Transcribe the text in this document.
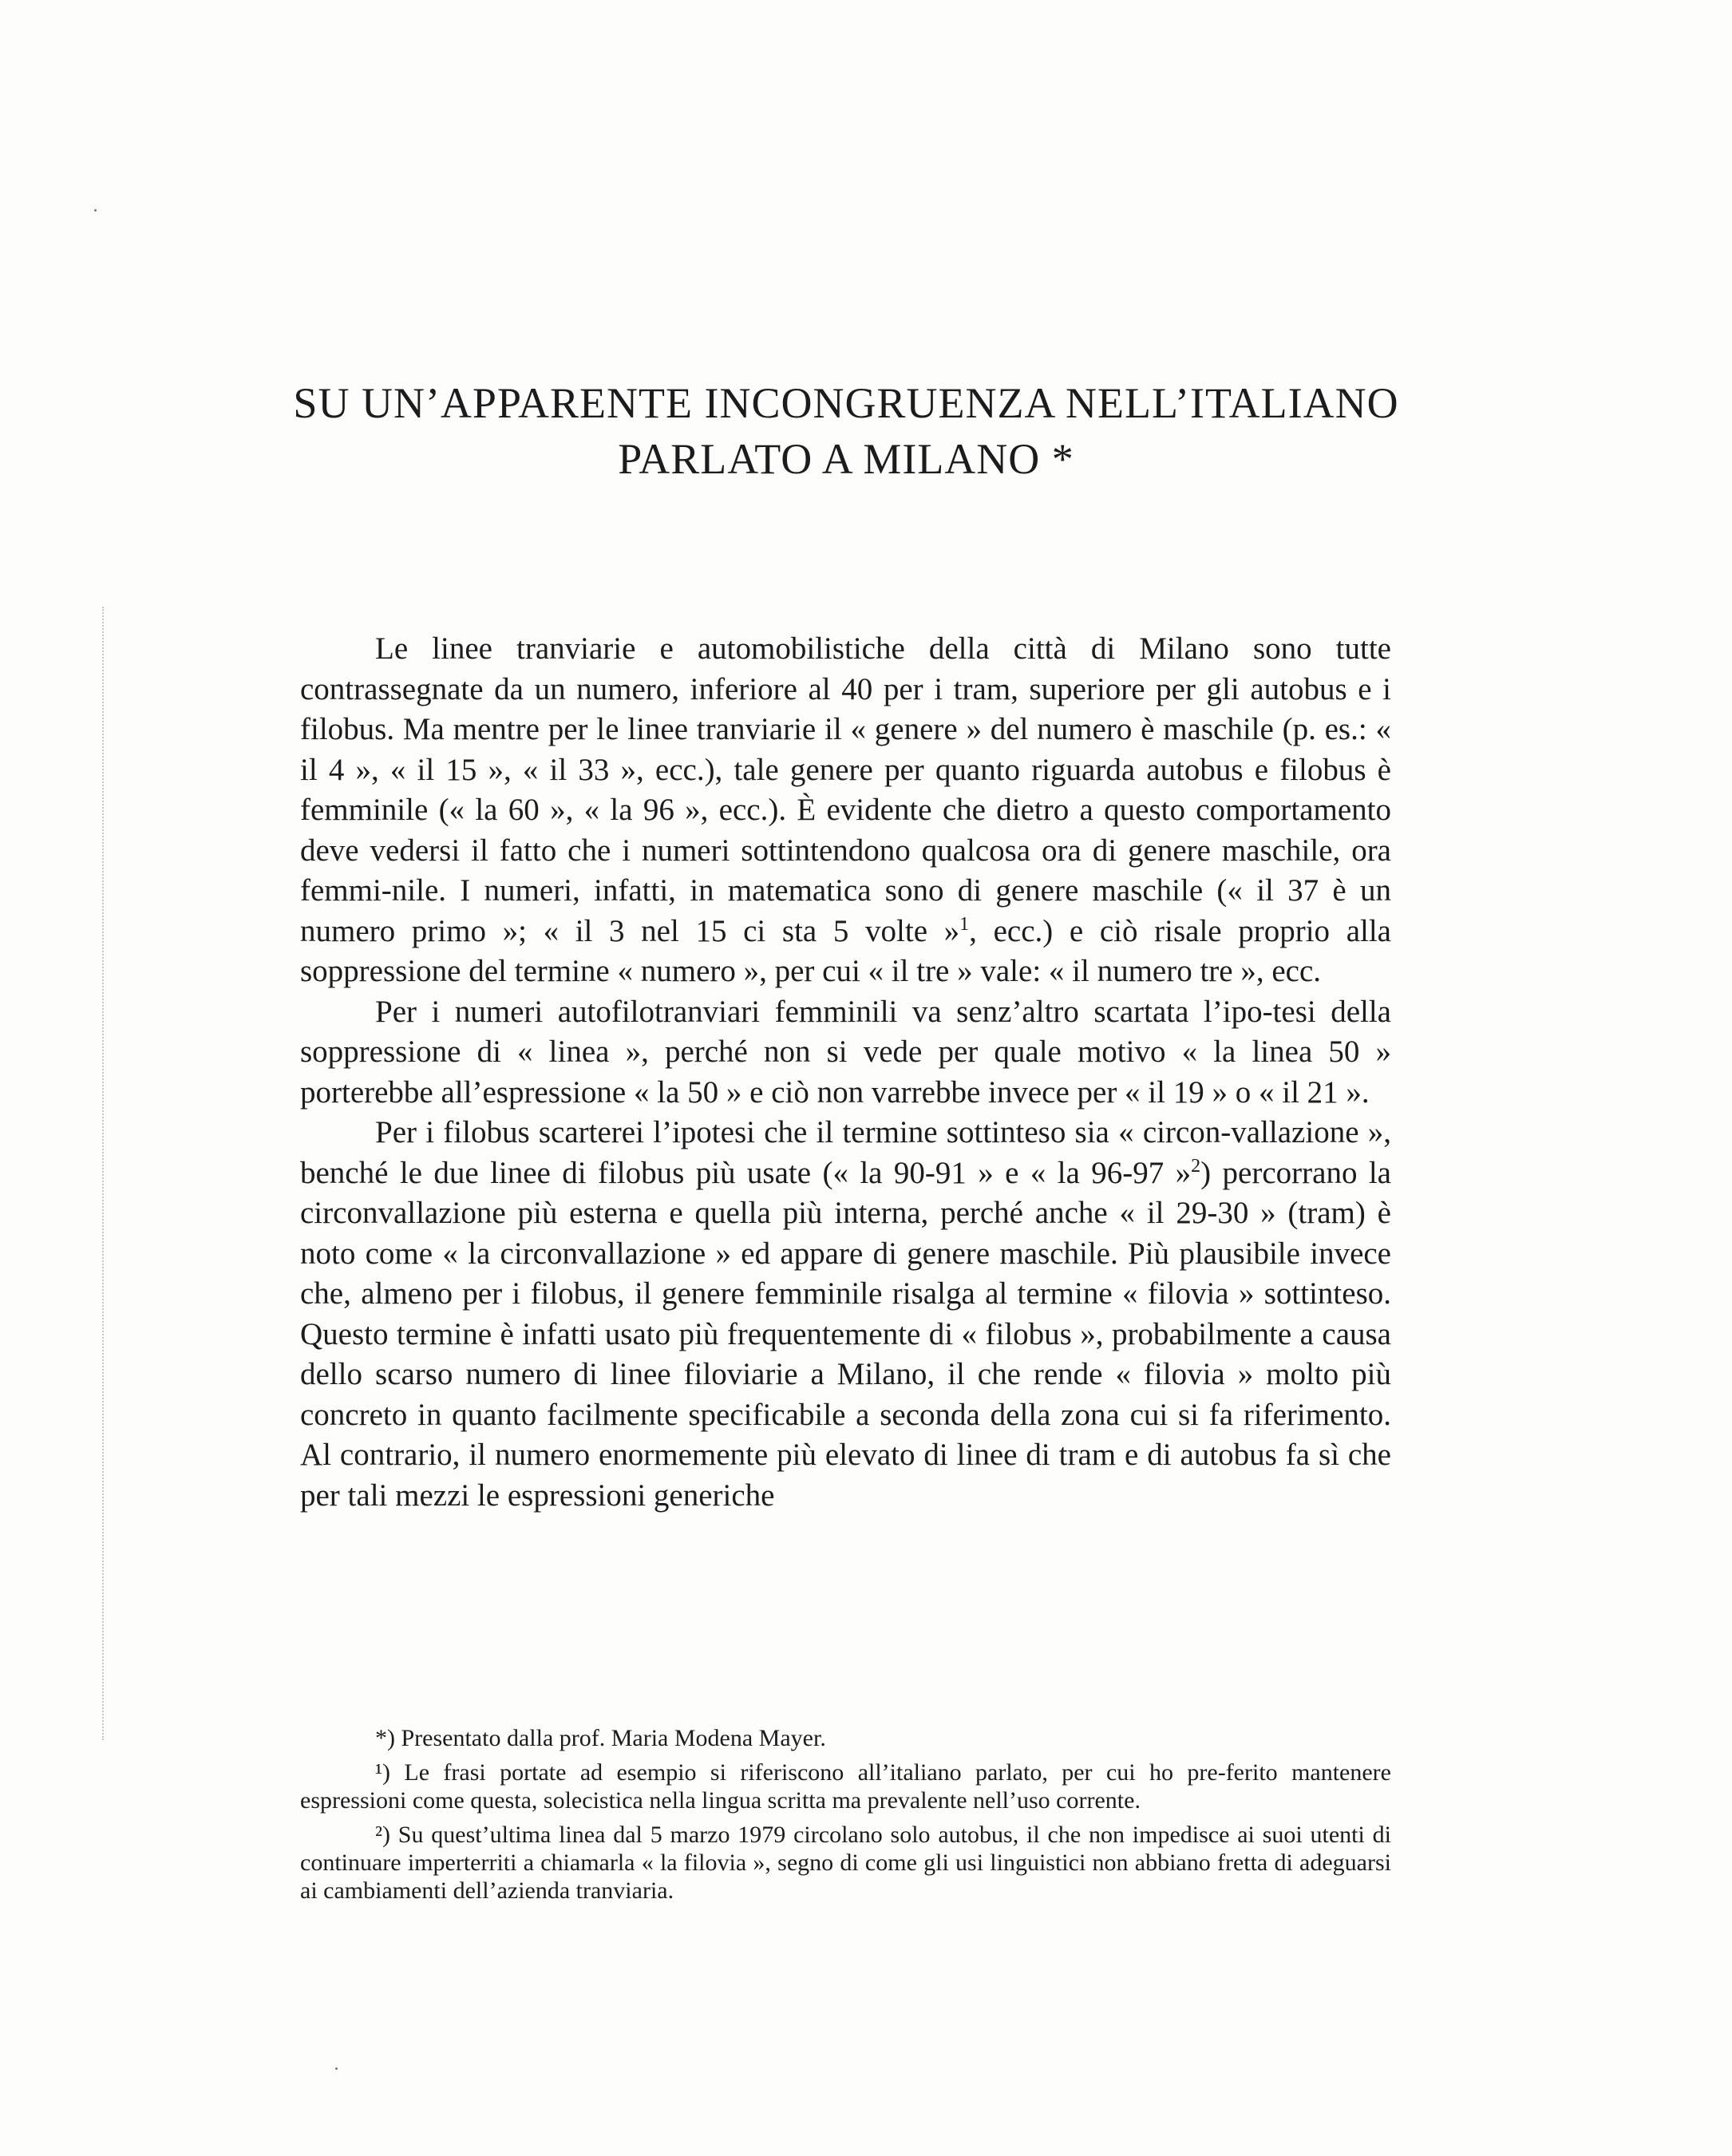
SU UN’APPARENTE INCONGRUENZA NELL’ITALIANO
PARLATO A MILANO *

Le linee tranviarie e automobilistiche della città di Milano sono tutte contrassegnate da un numero, inferiore al 40 per i tram, superiore per gli autobus e i filobus. Ma mentre per le linee tranviarie il « genere » del numero è maschile (p. es.: « il 4 », « il 15 », « il 33 », ecc.), tale genere per quanto riguarda autobus e filobus è femminile (« la 60 », « la 96 », ecc.). È evidente che dietro a questo comportamento deve vedersi il fatto che i numeri sottintendono qualcosa ora di genere maschile, ora femmi-nile. I numeri, infatti, in matematica sono di genere maschile (« il 37 è un numero primo »; « il 3 nel 15 ci sta 5 volte »$^1$, ecc.) e ciò risale proprio alla soppressione del termine « numero », per cui « il tre » vale: « il numero tre », ecc.

Per i numeri autofilotranviari femminili va senz’altro scartata l’ipo-tesi della soppressione di « linea », perché non si vede per quale motivo « la linea 50 » porterebbe all’espressione « la 50 » e ciò non varrebbe invece per « il 19 » o « il 21 ».

Per i filobus scarterei l’ipotesi che il termine sottinteso sia « circon-vallazione », benché le due linee di filobus più usate (« la 90-91 » e « la 96-97 »$^2$) percorrano la circonvallazione più esterna e quella più interna, perché anche « il 29-30 » (tram) è noto come « la circonvallazione » ed appare di genere maschile. Più plausibile invece che, almeno per i filobus, il genere femminile risalga al termine « filovia » sottinteso. Questo termine è infatti usato più frequentemente di « filobus », probabilmente a causa dello scarso numero di linee filoviarie a Milano, il che rende « filovia » molto più concreto in quanto facilmente specificabile a seconda della zona cui si fa riferimento. Al contrario, il numero enormemente più elevato di linee di tram e di autobus fa sì che per tali mezzi le espressioni generiche

*) Presentato dalla prof. Maria Modena Mayer.

¹) Le frasi portate ad esempio si riferiscono all’italiano parlato, per cui ho pre-ferito mantenere espressioni come questa, solecistica nella lingua scritta ma prevalente nell’uso corrente.

²) Su quest’ultima linea dal 5 marzo 1979 circolano solo autobus, il che non impedisce ai suoi utenti di continuare imperterriti a chiamarla « la filovia », segno di come gli usi linguistici non abbiano fretta di adeguarsi ai cambiamenti dell’azienda tranviaria.
